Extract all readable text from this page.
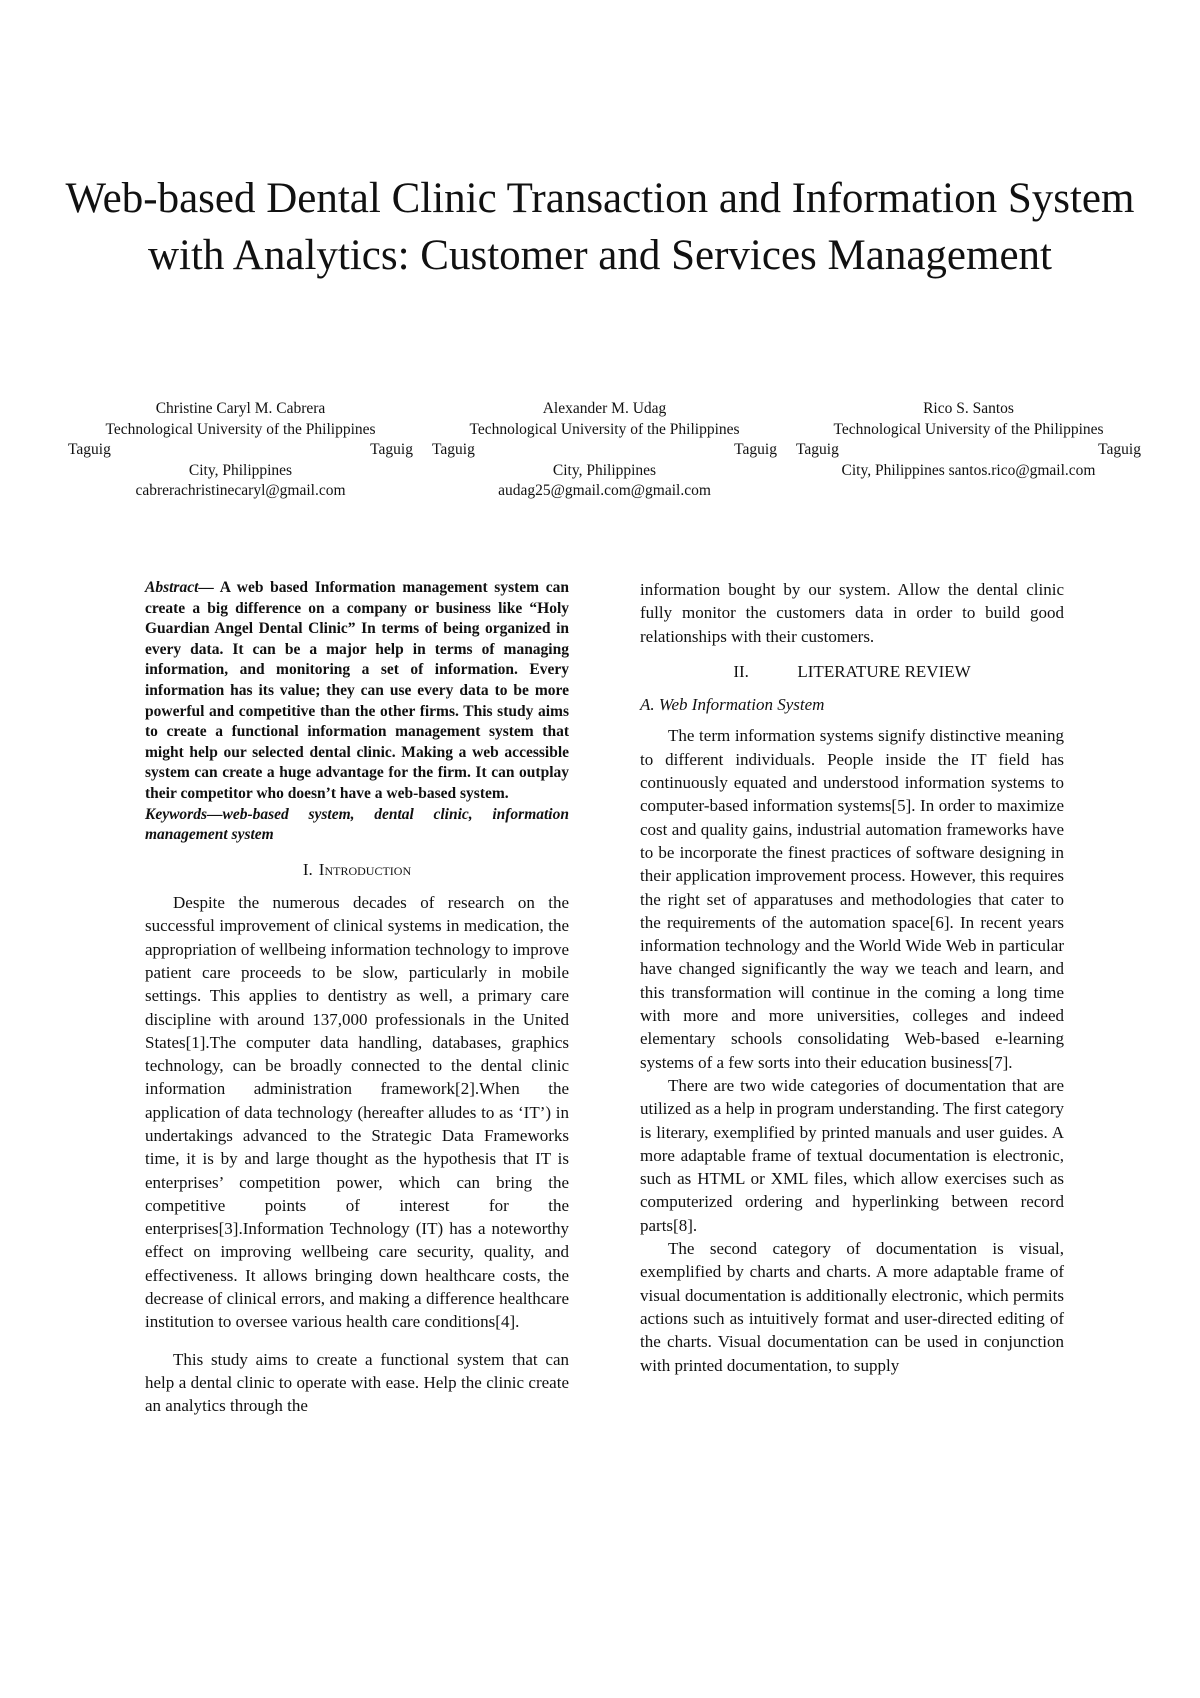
Web-based Dental Clinic Transaction and Information System with Analytics: Customer and Services Management
Christine Caryl M. Cabrera
Technological University of the Philippines
Taguig	Taguig
City, Philippines
cabrerachristinecaryl@gmail.com
Alexander M. Udag
Technological University of the Philippines
Taguig	Taguig
City, Philippines
audag25@gmail.com@gmail.com
Rico S. Santos
Technological University of the Philippines
Taguig	Taguig
City, Philippines santos.rico@gmail.com

Abstract— A web based Information management system can create a big difference on a company or business like “Holy Guardian Angel Dental Clinic” In terms of being organized in every data. It can be a major help in terms of managing information, and monitoring a set of information. Every information has its value; they can use every data to be more powerful and competitive than the other firms. This study aims to create a functional information management system that might help our selected dental clinic. Making a web accessible system can create a huge advantage for the firm. It can outplay their competitor who doesn’t have a web-based system.

Keywords—web-based system, dental clinic, information management system

I. Introduction

Despite the numerous decades of research on the successful improvement of clinical systems in medication, the appropriation of wellbeing information technology to improve patient care proceeds to be slow, particularly in mobile settings. This applies to dentistry as well, a primary care discipline with around 137,000 professionals in the United States[1].The computer data handling, databases, graphics technology, can be broadly connected to the dental clinic information administration framework[2].When the application of data technology (hereafter alludes to as ‘IT’) in undertakings advanced to the Strategic Data Frameworks time, it is by and large thought as the hypothesis that IT is enterprises’ competition power, which can bring the competitive points of interest for the enterprises[3].Information Technology (IT) has a noteworthy effect on improving wellbeing care security, quality, and effectiveness. It allows bringing down healthcare costs, the decrease of clinical errors, and making a difference healthcare institution to oversee various health care conditions[4].

This study aims to create a functional system that can help a dental clinic to operate with ease. Help the clinic create an analytics through the

information bought by our system. Allow the dental clinic fully monitor the customers data in order to build good relationships with their customers.

II.	LITERATURE REVIEW

A. Web Information System

The term information systems signify distinctive meaning to different individuals. People inside the IT field has continuously equated and understood information systems to computer-based information systems[5]. In order to maximize cost and quality gains, industrial automation frameworks have to be incorporate the finest practices of software designing in their application improvement process. However, this requires the right set of apparatuses and methodologies that cater to the requirements of the automation space[6]. In recent years information technology and the World Wide Web in particular have changed significantly the way we teach and learn, and this transformation will continue in the coming a long time with more and more universities, colleges and indeed elementary schools consolidating Web-based e-learning systems of a few sorts into their education business[7].

There are two wide categories of documentation that are utilized as a help in program understanding. The first category is literary, exemplified by printed manuals and user guides. A more adaptable frame of textual documentation is electronic, such as HTML or XML files, which allow exercises such as computerized ordering and hyperlinking between record parts[8].

The second category of documentation is visual, exemplified by charts and charts. A more adaptable frame of visual documentation is additionally electronic, which permits actions such as intuitively format and user-directed editing of the charts. Visual documentation can be used in conjunction with printed documentation, to supply
